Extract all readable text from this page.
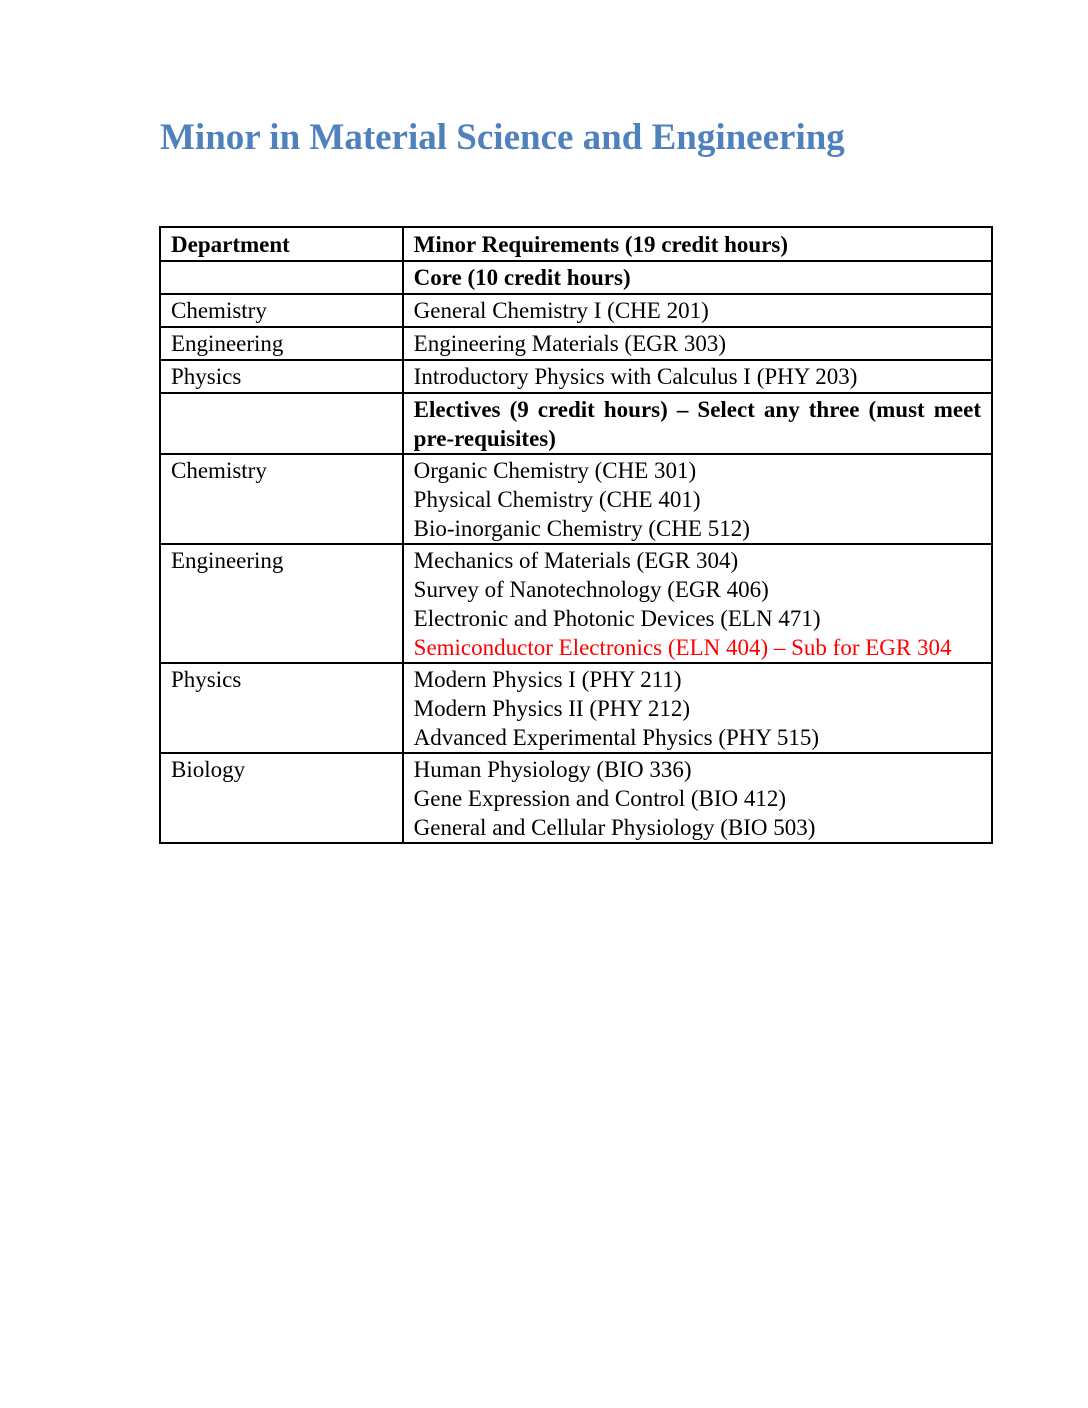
Minor in Material Science and Engineering
Department	Minor Requirements (19 credit hours)
	Core (10 credit hours)
Chemistry	General Chemistry I (CHE 201)
Engineering	Engineering Materials (EGR 303)
Physics	Introductory Physics with Calculus I (PHY 203)
	Electives (9 credit hours) – Select any three (must meet pre-requisites)
Chemistry	Organic Chemistry (CHE 301)
Physical Chemistry (CHE 401)
Bio-inorganic Chemistry (CHE 512)

Engineering	Mechanics of Materials (EGR 304)
Survey of Nanotechnology (EGR 406)
Electronic and Photonic Devices (ELN 471)
Semiconductor Electronics (ELN 404) – Sub for EGR 304

Physics	Modern Physics I (PHY 211)
Modern Physics II (PHY 212)
Advanced Experimental Physics (PHY 515)

Biology	Human Physiology (BIO 336)
Gene Expression and Control (BIO 412)
General and Cellular Physiology (BIO 503)
